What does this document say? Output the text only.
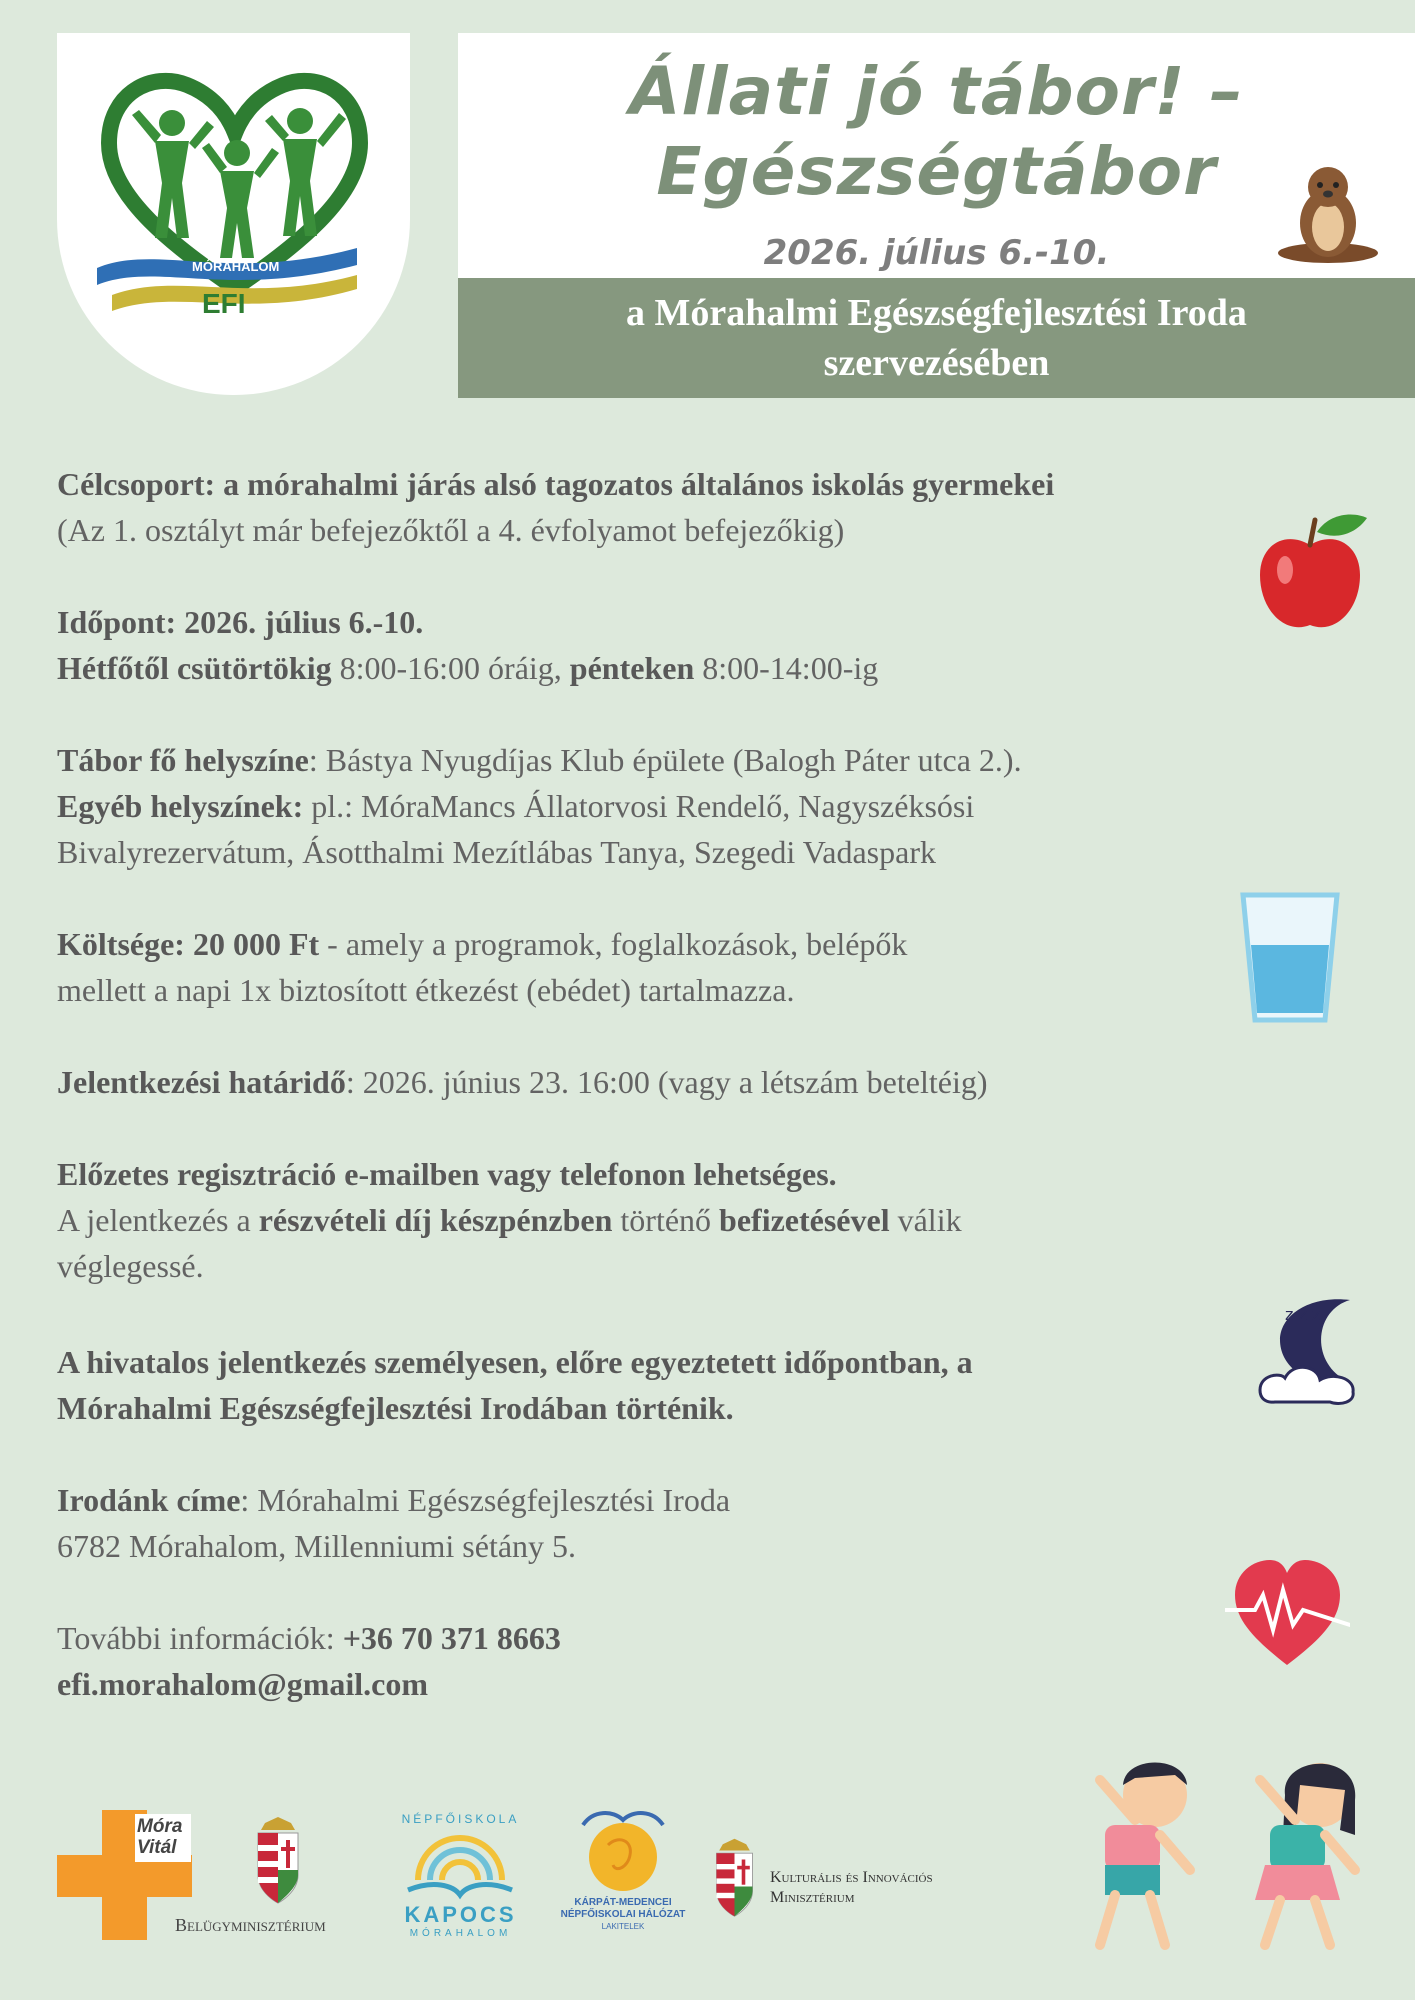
MÓRAHALOM
EFI
Állati jó tábor! –
Egészségtábor
2026. július 6.-10.
a Mórahalmi Egészségfejlesztési Iroda
szervezésében
Célcsoport: a mórahalmi járás alsó tagozatos általános iskolás gyermekei
(Az 1. osztályt már befejezőktől a 4. évfolyamot befejezőkig)
Időpont: 2026. július 6.-10.
Hétfőtől csütörtökig 8:00-16:00 óráig, pénteken 8:00-14:00-ig
Tábor fő helyszíne: Bástya Nyugdíjas Klub épülete (Balogh Páter utca 2.).
Egyéb helyszínek: pl.: MóraMancs Állatorvosi Rendelő, Nagyszéksósi
Bivalyrezervátum, Ásotthalmi Mezítlábas Tanya, Szegedi Vadaspark
Költsége: 20 000 Ft - amely a programok, foglalkozások, belépők
mellett a napi 1x biztosított étkezést (ebédet) tartalmazza.
Jelentkezési határidő: 2026. június 23. 16:00 (vagy a létszám beteltéig)
Előzetes regisztráció e-mailben vagy telefonon lehetséges.
A jelentkezés a részvételi díj készpénzben történő befizetésével válik
véglegessé.
A hivatalos jelentkezés személyesen, előre egyeztetett időpontban, a
Mórahalmi Egészségfejlesztési Irodában történik.
Irodánk címe: Mórahalmi Egészségfejlesztési Iroda
6782 Mórahalom, Millenniumi sétány 5.
További információk: +36 70 371 8663
efi.morahalom@gmail.com
z z z
Móra
Vitál
Belügyminisztérium
NÉPFŐISKOLA
KAPOCS
MÓRAHALOM
KÁRPÁT-MEDENCEI
NÉPFŐISKOLAI HÁLÓZAT
LAKITELEK
Kulturális és Innovációs
Minisztérium
